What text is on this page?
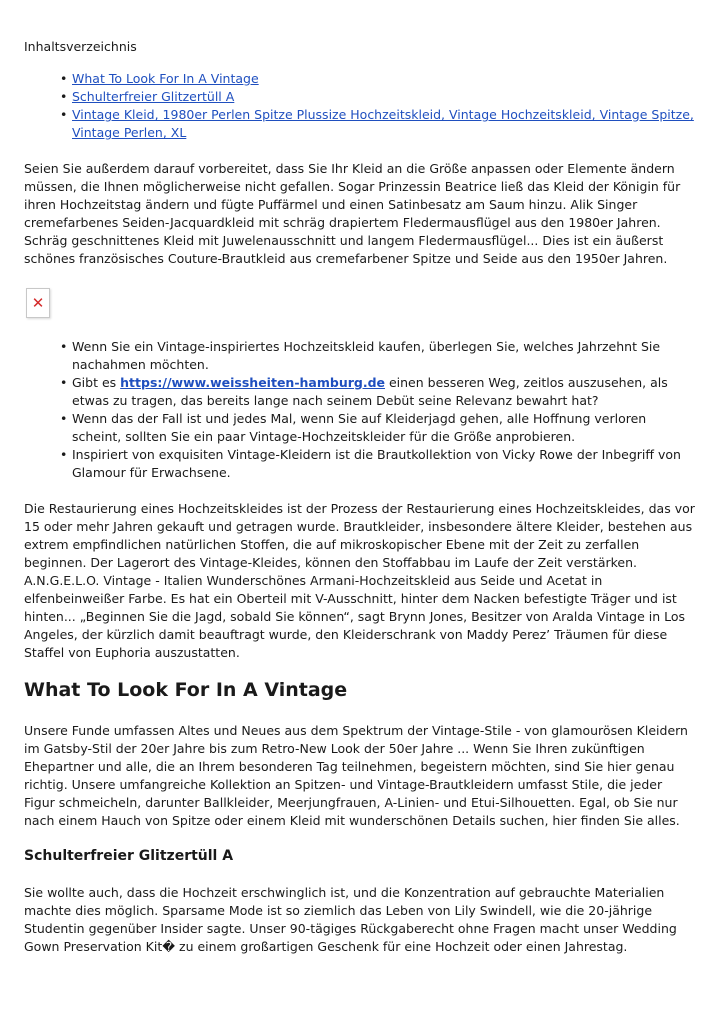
Inhaltsverzeichnis

• What To Look For In A Vintage
• Schulterfreier Glitzertüll A
• Vintage Kleid, 1980er Perlen Spitze Plussize Hochzeitskleid, Vintage Hochzeitskleid, Vintage Spitze, Vintage Perlen, XL

Seien Sie außerdem darauf vorbereitet, dass Sie Ihr Kleid an die Größe anpassen oder Elemente ändern müssen, die Ihnen möglicherweise nicht gefallen. Sogar Prinzessin Beatrice ließ das Kleid der Königin für ihren Hochzeitstag ändern und fügte Puffärmel und einen Satinbesatz am Saum hinzu. Alik Singer cremefarbenes Seiden-Jacquardkleid mit schräg drapiertem Fledermausflügel aus den 1980er Jahren. Schräg geschnittenes Kleid mit Juwelenausschnitt und langem Fledermausflügel... Dies ist ein äußerst schönes französisches Couture-Brautkleid aus cremefarbener Spitze und Seide aus den 1950er Jahren.

✕
• Wenn Sie ein Vintage-inspiriertes Hochzeitskleid kaufen, überlegen Sie, welches Jahrzehnt Sie nachahmen möchten.
• Gibt es https://www.weissheiten-hamburg.de einen besseren Weg, zeitlos auszusehen, als etwas zu tragen, das bereits lange nach seinem Debüt seine Relevanz bewahrt hat?
• Wenn das der Fall ist und jedes Mal, wenn Sie auf Kleiderjagd gehen, alle Hoffnung verloren scheint, sollten Sie ein paar Vintage-Hochzeitskleider für die Größe anprobieren.
• Inspiriert von exquisiten Vintage-Kleidern ist die Brautkollektion von Vicky Rowe der Inbegriff von Glamour für Erwachsene.

Die Restaurierung eines Hochzeitskleides ist der Prozess der Restaurierung eines Hochzeitskleides, das vor 15 oder mehr Jahren gekauft und getragen wurde. Brautkleider, insbesondere ältere Kleider, bestehen aus extrem empfindlichen natürlichen Stoffen, die auf mikroskopischer Ebene mit der Zeit zu zerfallen beginnen. Der Lagerort des Vintage-Kleides, können den Stoffabbau im Laufe der Zeit verstärken. A.N.G.E.L.O. Vintage - Italien Wunderschönes Armani-Hochzeitskleid aus Seide und Acetat in elfenbeinweißer Farbe. Es hat ein Oberteil mit V-Ausschnitt, hinter dem Nacken befestigte Träger und ist hinten... „Beginnen Sie die Jagd, sobald Sie können“, sagt Brynn Jones, Besitzer von Aralda Vintage in Los Angeles, der kürzlich damit beauftragt wurde, den Kleiderschrank von Maddy Perez’ Träumen für diese Staffel von Euphoria auszustatten.

What To Look For In A Vintage

Unsere Funde umfassen Altes und Neues aus dem Spektrum der Vintage-Stile - von glamourösen Kleidern im Gatsby-Stil der 20er Jahre bis zum Retro-New Look der 50er Jahre ... Wenn Sie Ihren zukünftigen Ehepartner und alle, die an Ihrem besonderen Tag teilnehmen, begeistern möchten, sind Sie hier genau richtig. Unsere umfangreiche Kollektion an Spitzen- und Vintage-Brautkleidern umfasst Stile, die jeder Figur schmeicheln, darunter Ballkleider, Meerjungfrauen, A-Linien- und Etui-Silhouetten. Egal, ob Sie nur nach einem Hauch von Spitze oder einem Kleid mit wunderschönen Details suchen, hier finden Sie alles.

Schulterfreier Glitzertüll A

Sie wollte auch, dass die Hochzeit erschwinglich ist, und die Konzentration auf gebrauchte Materialien machte dies möglich. Sparsame Mode ist so ziemlich das Leben von Lily Swindell, wie die 20-jährige Studentin gegenüber Insider sagte. Unser 90-tägiges Rückgaberecht ohne Fragen macht unser Wedding Gown Preservation Kit� zu einem großartigen Geschenk für eine Hochzeit oder einen Jahrestag.
